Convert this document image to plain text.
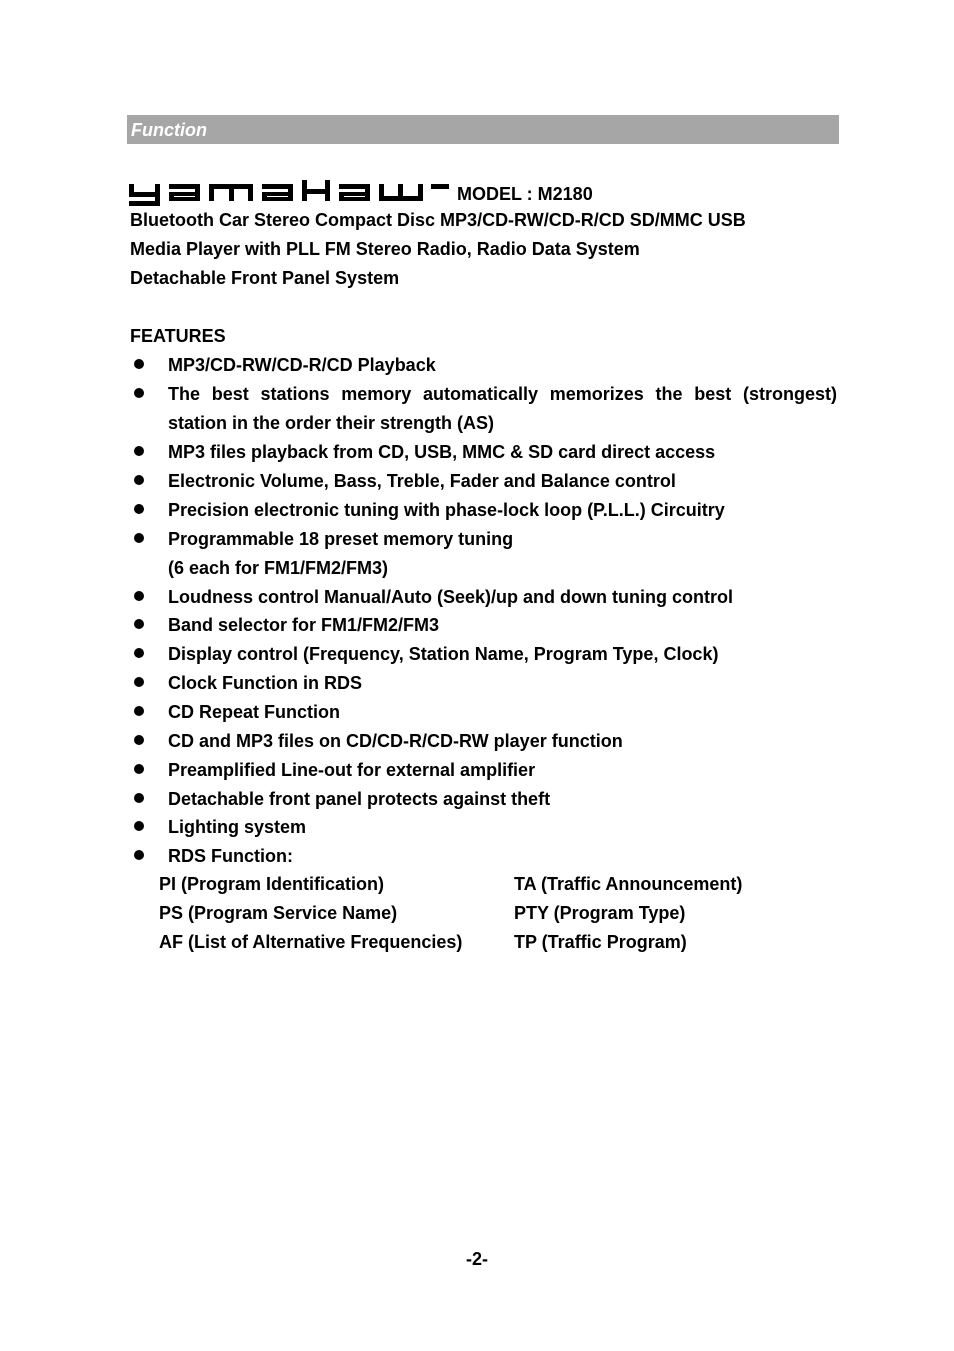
Function
MODEL : M2180
Bluetooth Car Stereo Compact Disc MP3/CD-RW/CD-R/CD SD/MMC USB
Media Player with PLL FM Stereo Radio, Radio Data System
Detachable Front Panel System
FEATURES
MP3/CD-RW/CD-R/CD Playback
The best stations memory automatically memorizes the best (strongest)
station in the order their strength (AS)
MP3 files playback from CD, USB, MMC & SD card direct access
Electronic Volume, Bass, Treble, Fader and Balance control
Precision electronic tuning with phase-lock loop (P.L.L.) Circuitry
Programmable 18 preset memory tuning
(6 each for FM1/FM2/FM3)
Loudness control Manual/Auto (Seek)/up and down tuning control
Band selector for FM1/FM2/FM3
Display control (Frequency, Station Name, Program Type, Clock)
Clock Function in RDS
CD Repeat Function
CD and MP3 files on CD/CD-R/CD-RW player function
Preamplified Line-out for external amplifier
Detachable front panel protects against theft
Lighting system
RDS Function:
PI (Program Identification)	TA (Traffic Announcement)
PS (Program Service Name)	PTY (Program Type)
AF (List of Alternative Frequencies)	TP (Traffic Program)
-2-
